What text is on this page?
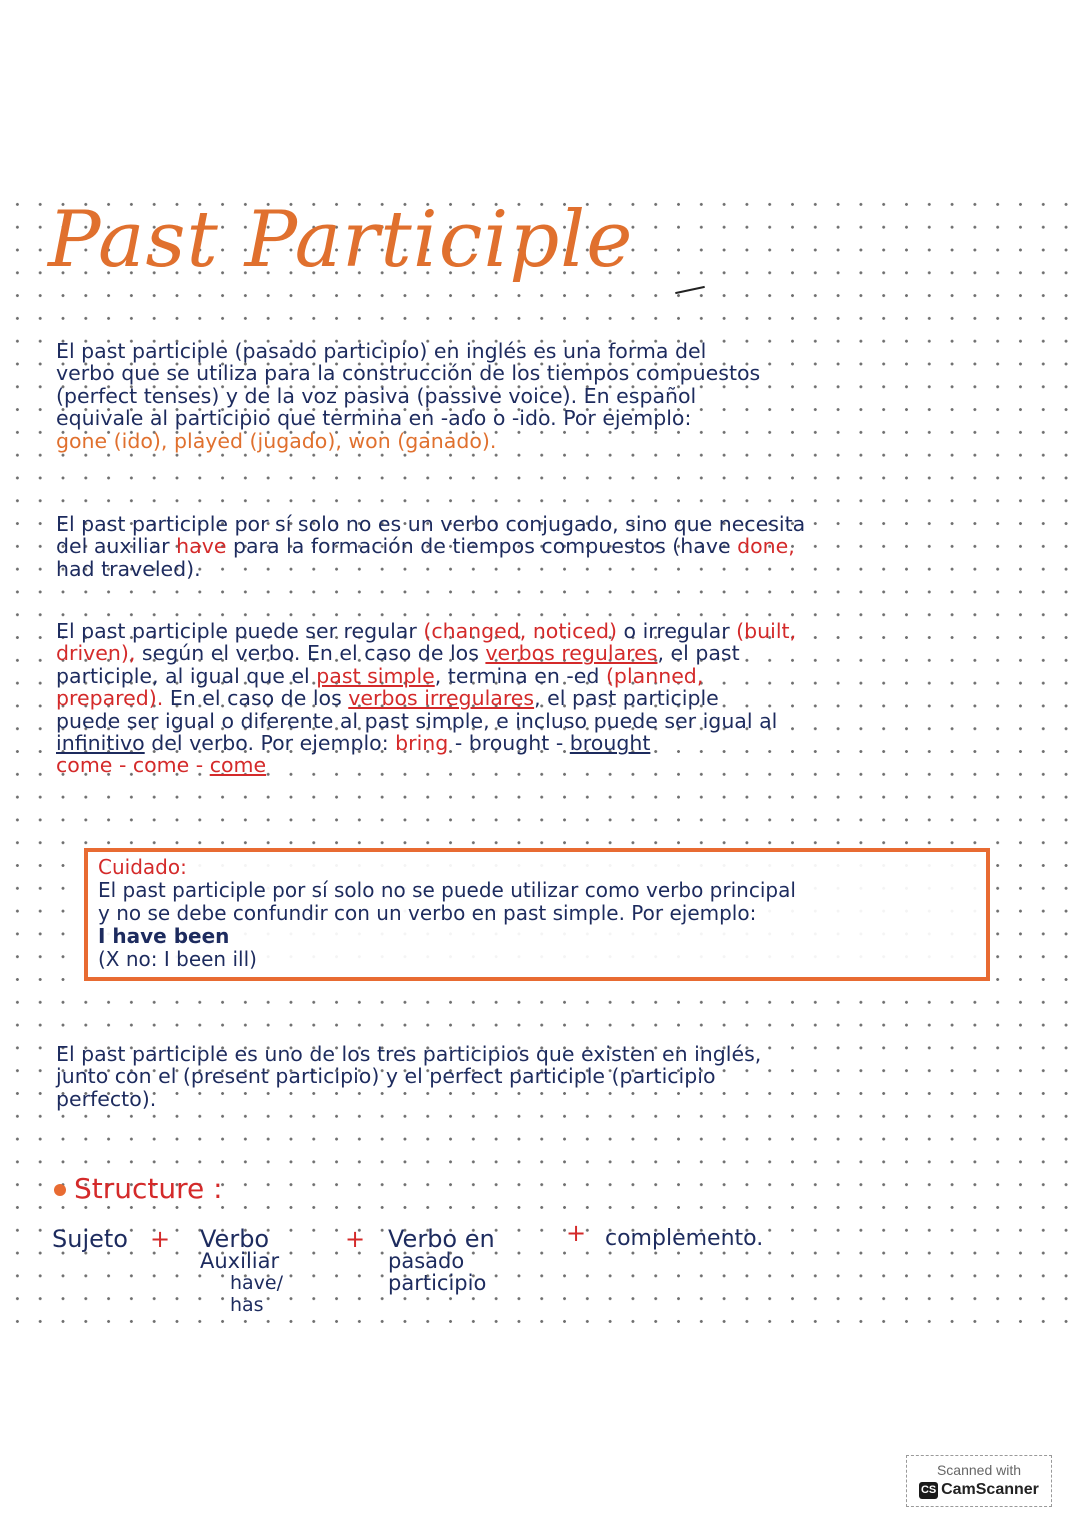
Past Participle
El past participle (pasado participio) en inglés es una forma del
verbo que se utiliza para la construcción de los tiempos compuestos
(perfect tenses) y de la voz pasiva (passive voice). En español
equivale al participio que termina en -ado o -ido. Por ejemplo:
gone (ido), played (jugado), won (ganado).
El past participle por sí solo no es un verbo conjugado, sino que necesita
del auxiliar have para la formación de tiempos compuestos (have done,
had traveled).
El past participle puede ser regular (changed, noticed) o irregular (built,
driven), según el verbo. En el caso de los verbos regulares, el past
participle, al igual que el past simple, termina en -ed (planned,
prepared). En el caso de los verbos irregulares, el past participle
puede ser igual o diferente al past simple, e incluso puede ser igual al
infinitivo del verbo. Por ejemplo: bring - brought - brought
come - come - come
Cuidado:
El past participle por sí solo no se puede utilizar como verbo principal
y no se debe confundir con un verbo en past simple. Por ejemplo:
I have been
(X no: I been ill)
El past participle es uno de los tres participios que existen en inglés,
junto con el (present participio) y el perfect participle (participio
perfecto).
Structure :
Sujeto + Verbo
Auxiliar
have/
has
+ Verbo en
pasado
participio
+ complemento.
Scanned with
CS CamScanner
